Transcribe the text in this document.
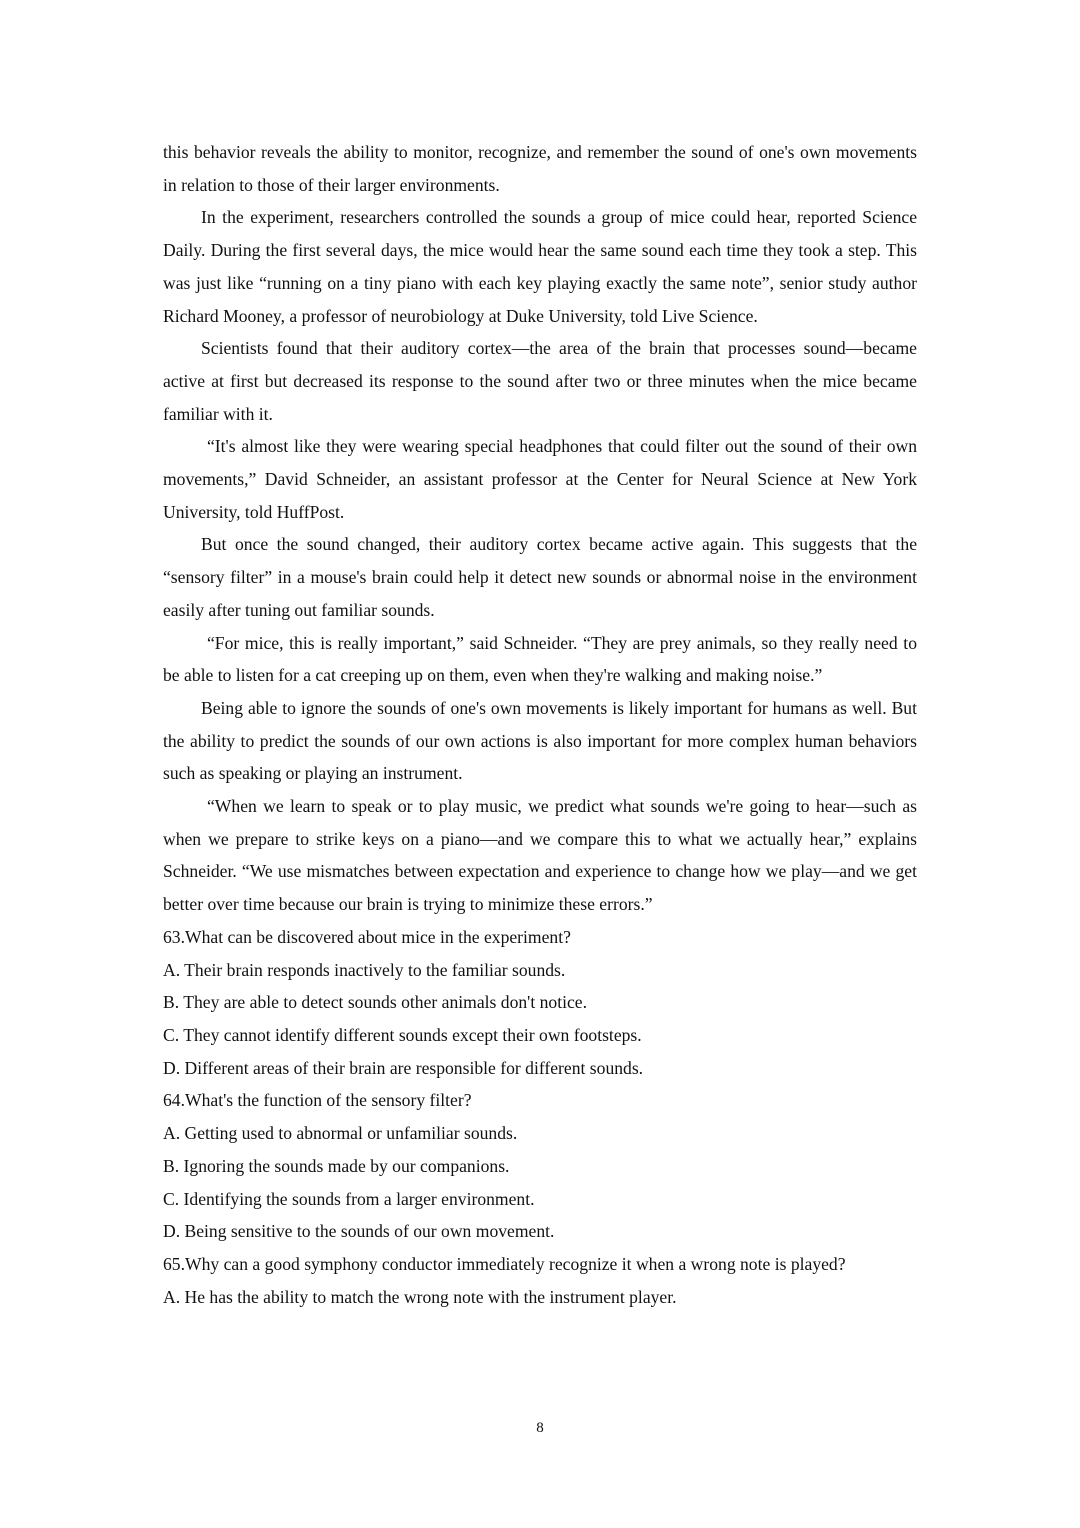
this behavior reveals the ability to monitor, recognize, and remember the sound of one's own movements in relation to those of their larger environments.

In the experiment, researchers controlled the sounds a group of mice could hear, reported Science Daily. During the first several days, the mice would hear the same sound each time they took a step. This was just like “running on a tiny piano with each key playing exactly the same note”, senior study author Richard Mooney, a professor of neurobiology at Duke University, told Live Science.

Scientists found that their auditory cortex—the area of the brain that processes sound—became active at first but decreased its response to the sound after two or three minutes when the mice became familiar with it.

“It's almost like they were wearing special headphones that could filter out the sound of their own movements,” David Schneider, an assistant professor at the Center for Neural Science at New York University, told HuffPost.

But once the sound changed, their auditory cortex became active again. This suggests that the “sensory filter” in a mouse's brain could help it detect new sounds or abnormal noise in the environment easily after tuning out familiar sounds.

“For mice, this is really important,” said Schneider. “They are prey animals, so they really need to be able to listen for a cat creeping up on them, even when they're walking and making noise.”

Being able to ignore the sounds of one's own movements is likely important for humans as well. But the ability to predict the sounds of our own actions is also important for more complex human behaviors such as speaking or playing an instrument.

“When we learn to speak or to play music, we predict what sounds we're going to hear—such as when we prepare to strike keys on a piano—and we compare this to what we actually hear,” explains Schneider. “We use mismatches between expectation and experience to change how we play—and we get better over time because our brain is trying to minimize these errors.”

63.What can be discovered about mice in the experiment?

A. Their brain responds inactively to the familiar sounds.

B. They are able to detect sounds other animals don't notice.

C. They cannot identify different sounds except their own footsteps.

D. Different areas of their brain are responsible for different sounds.

64.What's the function of the sensory filter?

A. Getting used to abnormal or unfamiliar sounds.

B. Ignoring the sounds made by our companions.

C. Identifying the sounds from a larger environment.

D. Being sensitive to the sounds of our own movement.

65.Why can a good symphony conductor immediately recognize it when a wrong note is played?

A. He has the ability to match the wrong note with the instrument player.

8
